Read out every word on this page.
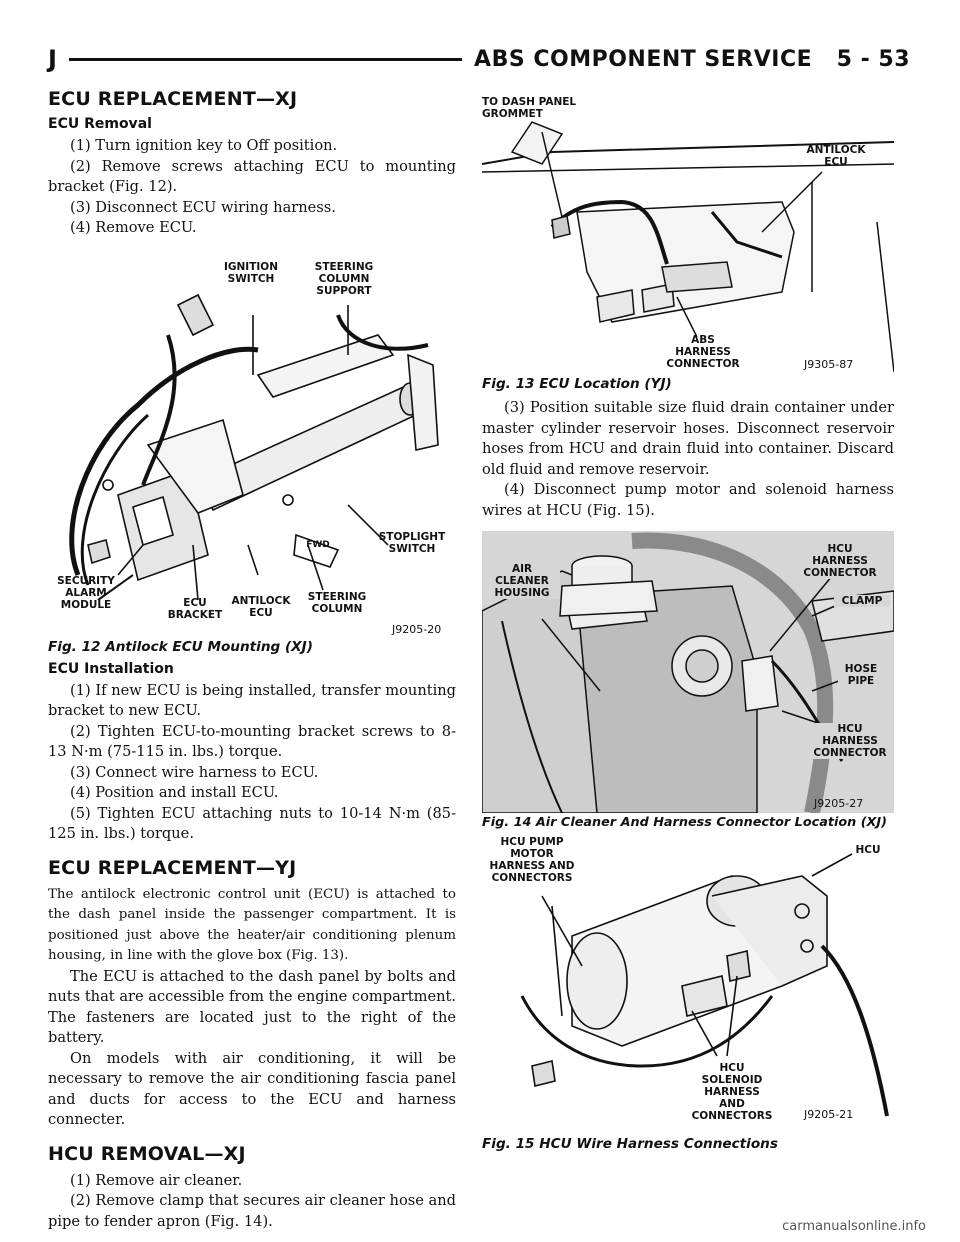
J	ABS COMPONENT SERVICE 5 - 53
ECU REPLACEMENT—XJ
ECU Removal

(1) Turn ignition key to Off position.

(2) Remove screws attaching ECU to mounting bracket (Fig. 12).

(3) Disconnect ECU wiring harness.

(4) Remove ECU.

IGNITION SWITCH
STEERING COLUMN SUPPORT
STOPLIGHT SWITCH
SECURITY ALARM MODULE	ECU BRACKET
ANTILOCK ECU
STEERING COLUMN
FWD
J9205-20
Fig. 12 Antilock ECU Mounting (XJ)
ECU Installation

(1) If new ECU is being installed, transfer mounting bracket to new ECU.

(2) Tighten ECU-to-mounting bracket screws to 8-13 N·m (75-115 in. lbs.) torque.

(3) Connect wire harness to ECU.

(4) Position and install ECU.

(5) Tighten ECU attaching nuts to 10-14 N·m (85-125 in. lbs.) torque.

ECU REPLACEMENT—YJ

The antilock electronic control unit (ECU) is attached to the dash panel inside the passenger compartment. It is positioned just above the heater/air conditioning plenum housing, in line with the glove box (Fig. 13).

The ECU is attached to the dash panel by bolts and nuts that are accessible from the engine compartment. The fasteners are located just to the right of the battery.

On models with air conditioning, it will be necessary to remove the air conditioning fascia panel and ducts for access to the ECU and harness connecter.

HCU REMOVAL—XJ

(1) Remove air cleaner.

(2) Remove clamp that secures air cleaner hose and pipe to fender apron (Fig. 14).

TO DASH PANEL GROMMET
ANTILOCK ECU
ABS HARNESS CONNECTOR	J9305-87
Fig. 13 ECU Location (YJ)

(3) Position suitable size fluid drain container under master cylinder reservoir hoses. Disconnect reservoir hoses from HCU and drain fluid into container. Discard old fluid and remove reservoir.

(4) Disconnect pump motor and solenoid harness wires at HCU (Fig. 15).

AIR CLEANER HOUSING
HCU HARNESS CONNECTOR
CLAMP
HOSE PIPE
HCU HARNESS CONNECTOR
J9205-27
Fig. 14 Air Cleaner And Harness Connector Location (XJ)
HCU PUMP MOTOR HARNESS AND CONNECTORS
HCU
HCU SOLENOID HARNESS AND CONNECTORS	J9205-21
Fig. 15 HCU Wire Harness Connections
carmanualsonline.info
